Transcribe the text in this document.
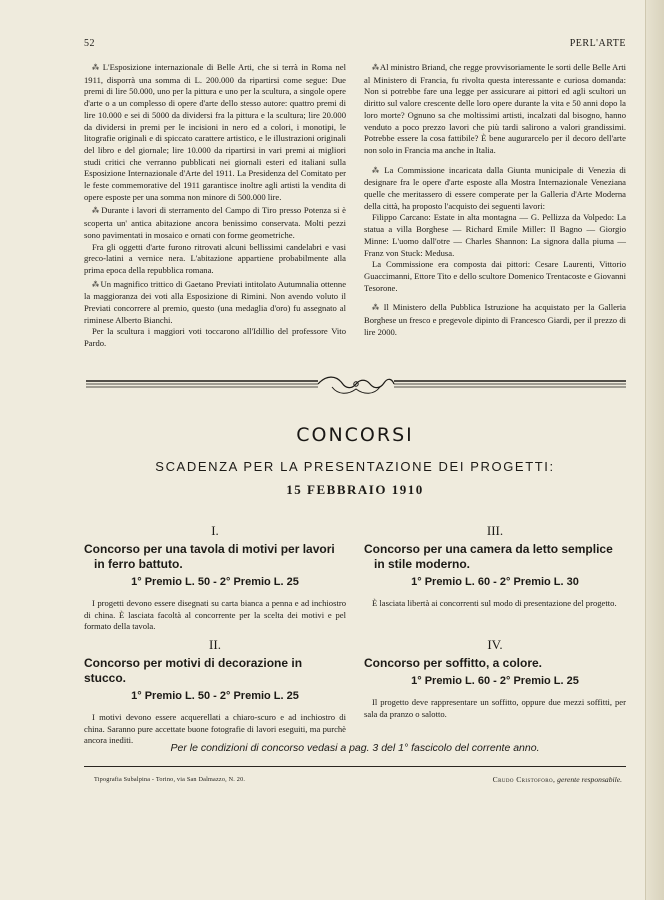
52	PERL'ARTE

⁂ L'Esposizione internazionale di Belle Arti, che si terrà in Roma nel 1911, disporrà una somma di L. 200.000 da ripartirsi come segue: Due premi di lire 50.000, uno per la pittura e uno per la scultura, a singole opere d'arte o a un complesso di opere d'arte dello stesso autore: quattro premi di lire 10.000 e sei di 5000 da dividersi fra la pittura e la scultura; lire 20.000 da dividersi in premi per le incisioni in nero ed a colori, i monotipi, le litografie originali e di spiccato carattere artistico, e le illustrazioni originali del libro e del giornale; lire 10.000 da ripartirsi in vari premi ai migliori studi critici che verranno pubblicati nei giornali esteri ed italiani sulla Esposizione Internazionale d'Arte del 1911. La Presidenza del Comitato per le feste commemorative del 1911 garantisce inoltre agli artisti la vendita di opere esposte per una somma non minore di 500.000 lire.

⁂ Durante i lavori di sterramento del Campo di Tiro presso Potenza si è scoperta un' antica abitazione ancora benissimo conservata. Molti pezzi sono pavimentati in mosaico e ornati con forme geometriche.

Fra gli oggetti d'arte furono ritrovati alcuni bellissimi candelabri e vasi greco-latini a vernice nera. L'abitazione appartiene probabilmente alla prima epoca della repubblica romana.

⁂ Un magnifico trittico di Gaetano Previati intitolato Autumnalia ottenne la maggioranza dei voti alla Esposizione di Rimini. Non avendo voluto il Previati concorrere al premio, questo (una medaglia d'oro) fu assegnato al riminese Alberto Bianchi.

Per la scultura i maggiori voti toccarono all'Idillio del professore Vito Pardo.

⁂ Al ministro Briand, che regge provvisoriamente le sorti delle Belle Arti al Ministero di Francia, fu rivolta questa interessante e curiosa domanda: Non si potrebbe fare una legge per assicurare ai pittori ed agli scultori un diritto sul valore crescente delle loro opere durante la vita e 50 anni dopo la loro morte? Ognuno sa che moltissimi artisti, incalzati dal bisogno, hanno venduto a poco prezzo lavori che più tardi salirono a valori grandissimi. Potrebbe essere la cosa fattibile? È bene augurarcelo per il decoro dell'arte non solo in Francia ma anche in Italia.

⁂ La Commissione incaricata dalla Giunta municipale di Venezia di designare fra le opere d'arte esposte alla Mostra Internazionale Veneziana quelle che meritassero di essere comperate per la Galleria d'Arte Moderna della città, ha proposto l'acquisto dei seguenti lavori:

Filippo Carcano: Estate in alta montagna — G. Pellizza da Volpedo: La statua a villa Borghese — Richard Emile Miller: Il Bagno — Giorgio Minne: L'uomo dall'otre — Charles Shannon: La signora dalla piuma — Franz von Stuck: Medusa.

La Commissione era composta dai pittori: Cesare Laurenti, Vittorio Guaccimanni, Ettore Tito e dello scultore Domenico Trentacoste e Giovanni Tesorone.

⁂ Il Ministero della Pubblica Istruzione ha acquistato per la Galleria Borghese un fresco e pregevole dipinto di Francesco Giardi, per il prezzo di lire 2000.

CONCORSI
SCADENZA PER LA PRESENTAZIONE DEI PROGETTI:
15 FEBBRAIO 1910
I.
Concorso per una tavola di motivi per lavori
in ferro battuto.
1° Premio L. 50 - 2° Premio L. 25
I progetti devono essere disegnati su carta bianca a penna e ad inchiostro di china. È lasciata facoltà al concorrente per la scelta dei motivi e pel formato della tavola.
III.
Concorso per una camera da letto semplice
in stile moderno.
1° Premio L. 60 - 2° Premio L. 30
È lasciata libertà ai concorrenti sul modo di presentazione del progetto.
II.
Concorso per motivi di decorazione in stucco.
1° Premio L. 50 - 2° Premio L. 25
I motivi devono essere acquerellati a chiaro-scuro e ad inchiostro di china. Saranno pure accettate buone fotografie di lavori eseguiti, ma purchè ancora inediti.
IV.
Concorso per soffitto, a colore.
1° Premio L. 60 - 2° Premio L. 25
Il progetto deve rappresentare un soffitto, oppure due mezzi soffitti, per sala da pranzo o salotto.
Per le condizioni di concorso vedasi a pag. 3 del 1° fascicolo del corrente anno.
Tipografia Subalpina - Torino, via San Dalmazzo, N. 20.	Crudo Cristoforo, gerente responsabile.
